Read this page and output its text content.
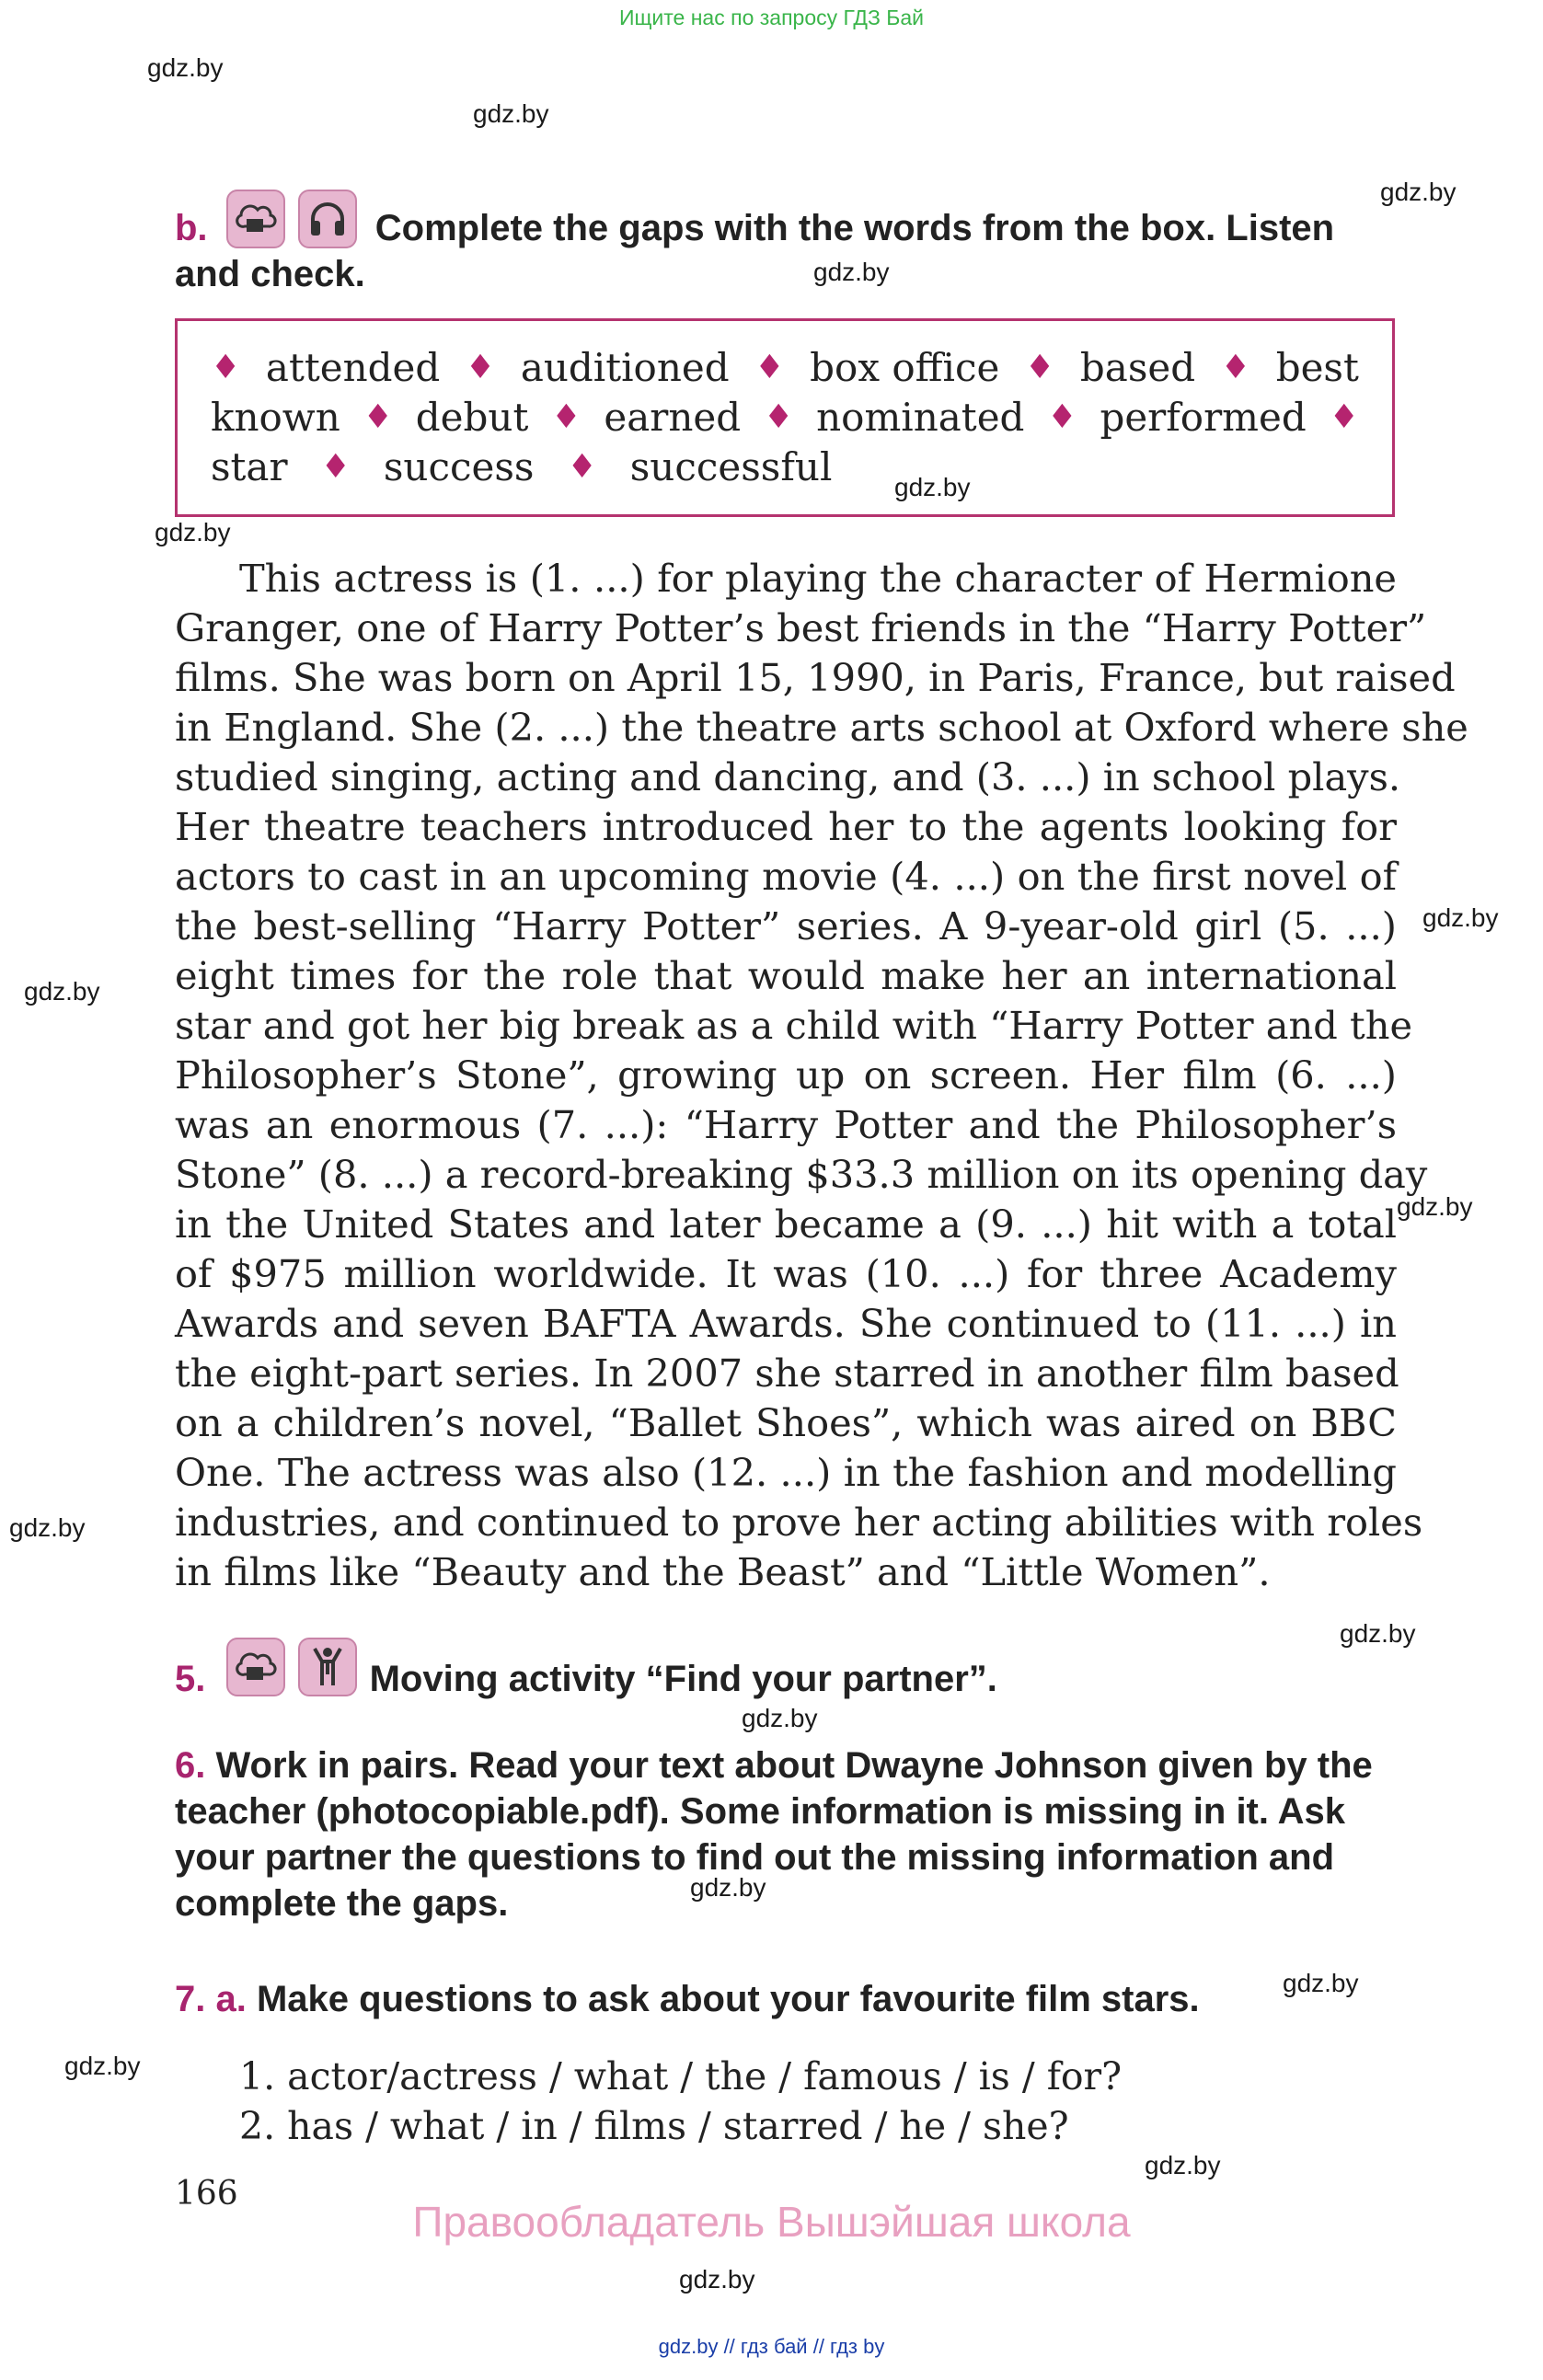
Ищите нас по запросу ГДЗ Бай
gdz.by
gdz.by
gdz.by
gdz.by
gdz.by
gdz.by
gdz.by
gdz.by
gdz.by
gdz.by
gdz.by
gdz.by
gdz.by
gdz.by
gdz.by
gdz.by
gdz.by
b.	Complete the gaps with the words from the box. Listen
and check.
♦ attended ♦ auditioned ♦ box office ♦ based ♦ best
known ♦ debut ♦ earned ♦ nominated ♦ performed ♦
star ♦ success ♦ successful
This actress is (1. ...) for playing the character of Hermione
Granger, one of Harry Potter’s best friends in the “Harry Potter”
films. She was born on April 15, 1990, in Paris, France, but raised
in England. She (2. ...) the theatre arts school at Oxford where she
studied singing, acting and dancing, and (3. ...) in school plays.
Her theatre teachers introduced her to the agents looking for
actors to cast in an upcoming movie (4. ...) on the first novel of
the best-selling “Harry Potter” series. A 9-year-old girl (5. ...)
eight times for the role that would make her an international
star and got her big break as a child with “Harry Potter and the
Philosopher’s Stone”, growing up on screen. Her film (6. ...)
was an enormous (7. ...): “Harry Potter and the Philosopher’s
Stone” (8. ...) a record-breaking $33.3 million on its opening day
in the United States and later became a (9. ...) hit with a total
of $975 million worldwide. It was (10. ...) for three Academy
Awards and seven BAFTA Awards. She continued to (11. ...) in
the eight-part series. In 2007 she starred in another film based
on a children’s novel, “Ballet Shoes”, which was aired on BBC
One. The actress was also (12. ...) in the fashion and modelling
industries, and continued to prove her acting abilities with roles
in films like “Beauty and the Beast” and “Little Women”.
5.	Moving activity “Find your partner”.
6. Work in pairs. Read your text about Dwayne Johnson given by the
teacher (photocopiable.pdf). Some information is missing in it. Ask
your partner the questions to find out the missing information and
complete the gaps.
7. a. Make questions to ask about your favourite film stars.
1. actor/actress / what / the / famous / is / for?
2. has / what / in / films / starred / he / she?
166
Правообладатель Вышэйшая школа
gdz.by // гдз бай // гдз by
